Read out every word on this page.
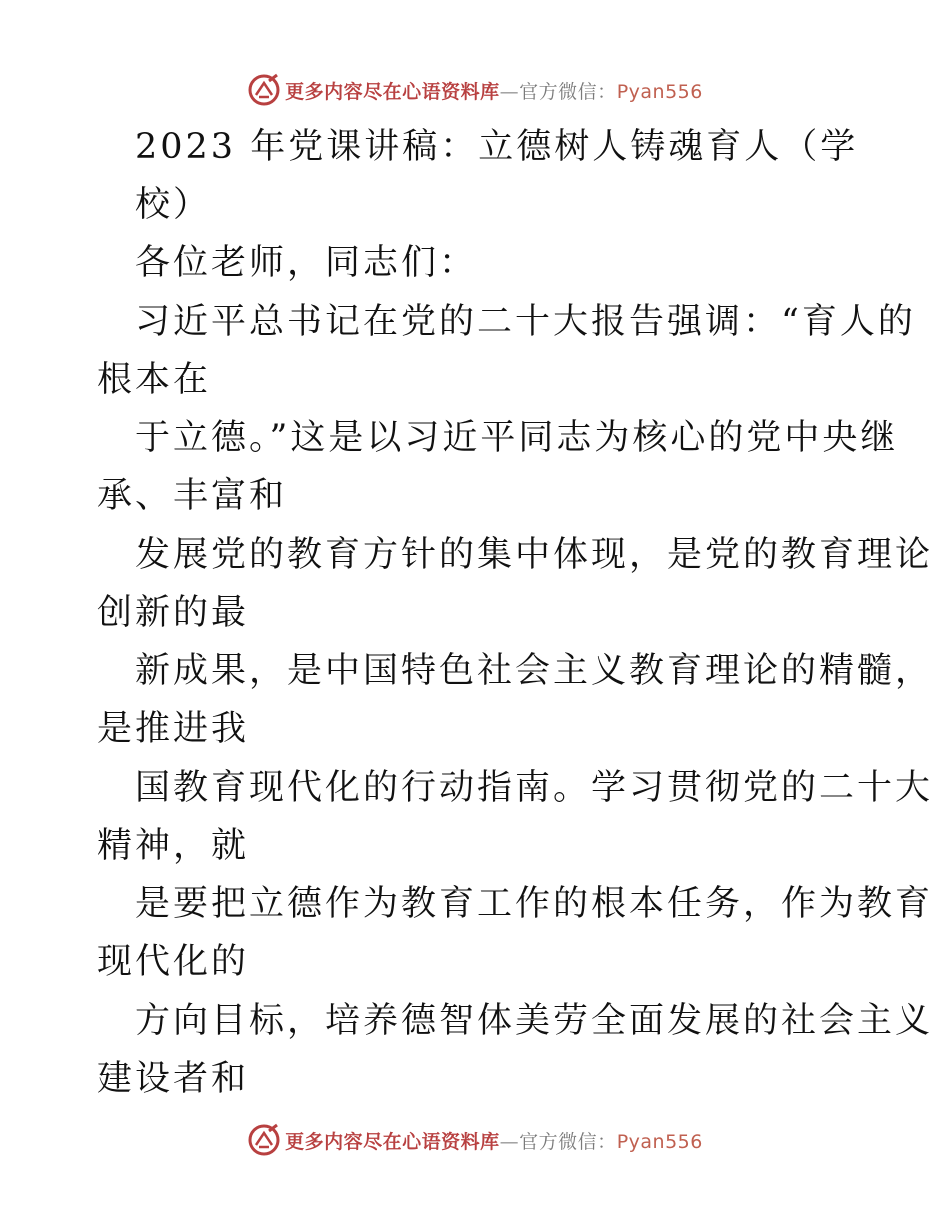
更多内容尽在心语资料库—官方微信：Pyan556
2023 年党课讲稿：立德树人铸魂育人（学
校）
各位老师，同志们：
习近平总书记在党的二十大报告强调：“育人的
根本在
于立德。”这是以习近平同志为核心的党中央继
承、丰富和
发展党的教育方针的集中体现，是党的教育理论
创新的最
新成果，是中国特色社会主义教育理论的精髓，
是推进我
国教育现代化的行动指南。学习贯彻党的二十大
精神，就
是要把立德作为教育工作的根本任务，作为教育
现代化的
方向目标，培养德智体美劳全面发展的社会主义
建设者和
更多内容尽在心语资料库—官方微信：Pyan556
